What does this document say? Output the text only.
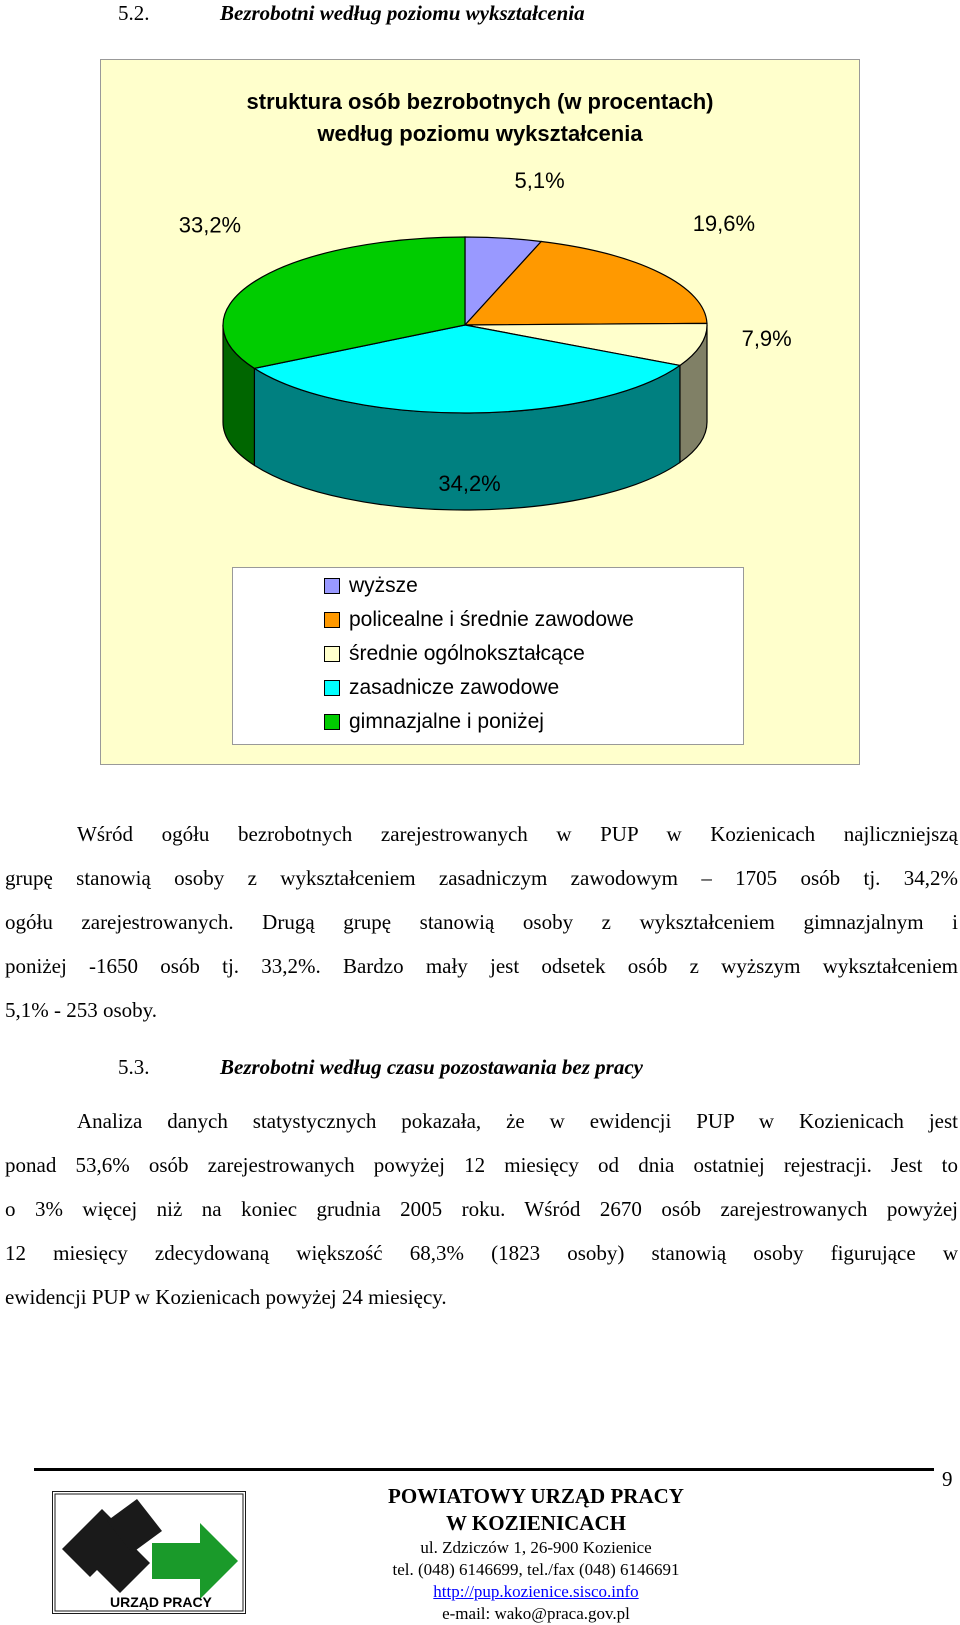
5.2.	Bezrobotni według poziomu wykształcenia
struktura osób bezrobotnych (w procentach)
według poziomu wykształcenia
5,1%
19,6%
7,9%
34,2%
33,2%
wyższe
policealne i średnie zawodowe
średnie ogólnokształcące
zasadnicze zawodowe
gimnazjalne i poniżej
Wśród ogółu bezrobotnych zarejestrowanych w PUP w Kozienicach najliczniejszą
grupę stanowią osoby z wykształceniem zasadniczym zawodowym – 1705 osób tj. 34,2%
ogółu zarejestrowanych. Drugą grupę stanowią osoby z wykształceniem gimnazjalnym i
poniżej -1650 osób tj. 33,2%. Bardzo mały jest odsetek osób z wyższym wykształceniem
5,1% - 253 osoby.
5.3.	Bezrobotni według czasu pozostawania bez pracy
Analiza danych statystycznych pokazała, że w ewidencji PUP w Kozienicach jest
ponad 53,6% osób zarejestrowanych powyżej 12 miesięcy od dnia ostatniej rejestracji. Jest to
o 3% więcej niż na koniec grudnia 2005 roku. Wśród 2670 osób zarejestrowanych powyżej
12 miesięcy zdecydowaną większość 68,3% (1823 osoby) stanowią osoby figurujące w
ewidencji PUP w Kozienicach powyżej 24 miesięcy.
9
URZĄD PRACY
POWIATOWY URZĄD PRACY
W KOZIENICACH
ul. Zdziczów 1, 26-900 Kozienice
tel. (048) 6146699, tel./fax (048) 6146691
http://pup.kozienice.sisco.info
e-mail: wako@praca.gov.pl
